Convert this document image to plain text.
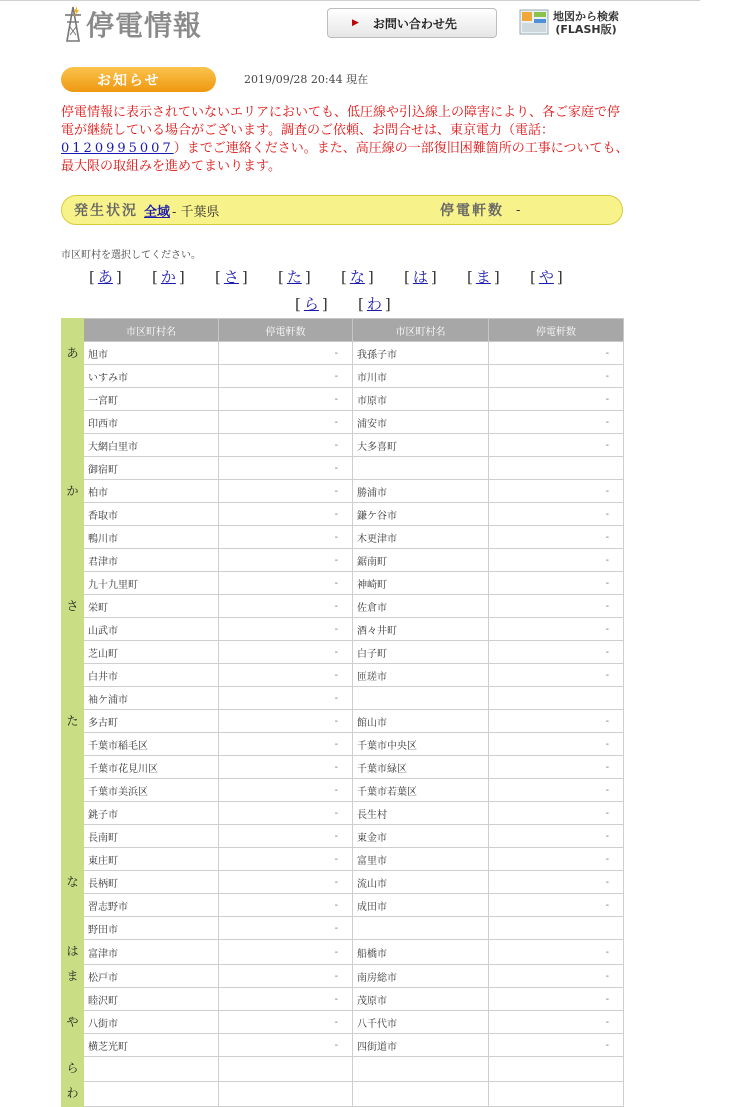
停電情報	▶ お問い合わせ先	地図から検索
(FLASH版)
お知らせ	2019/09/28 20:44 現在
停電情報に表示されていないエリアにおいても、低圧線や引込線上の障害により、各ご家庭で停電が継続している場合がございます。調査のご依頼、お問合せは、東京電力（電話：0120995007）までご連絡ください。また、高圧線の一部復旧困難箇所の工事についても、最大限の取組みを進めてまいります。
発生状況 全域 - 千葉県	停電軒数 -
市区町村を選択してください。
[ あ ] [ か ] [ さ ] [ た ] [ な ] [ は ] [ ま ] [ や ]
[ ら ] [ わ ]
	市区町村名	停電軒数	市区町村名	停電軒数
あ	旭市	-	我孫子市	-
	いすみ市	-	市川市	-
	一宮町	-	市原市	-
	印西市	-	浦安市	-
	大網白里市	-	大多喜町	-
	御宿町	-		
か	柏市	-	勝浦市	-
	香取市	-	鎌ケ谷市	-
	鴨川市	-	木更津市	-
	君津市	-	鋸南町	-
	九十九里町	-	神崎町	-
さ	栄町	-	佐倉市	-
	山武市	-	酒々井町	-
	芝山町	-	白子町	-
	白井市	-	匝瑳市	-
	袖ケ浦市	-		
た	多古町	-	館山市	-
	千葉市稲毛区	-	千葉市中央区	-
	千葉市花見川区	-	千葉市緑区	-
	千葉市美浜区	-	千葉市若葉区	-
	銚子市	-	長生村	-
	長南町	-	東金市	-
	東庄町	-	富里市	-
な	長柄町	-	流山市	-
	習志野市	-	成田市	-
	野田市	-		
は	富津市	-	船橋市	-
ま	松戸市	-	南房総市	-
	睦沢町	-	茂原市	-
や	八街市	-	八千代市	-
	横芝光町	-	四街道市	-
ら				
わ				
